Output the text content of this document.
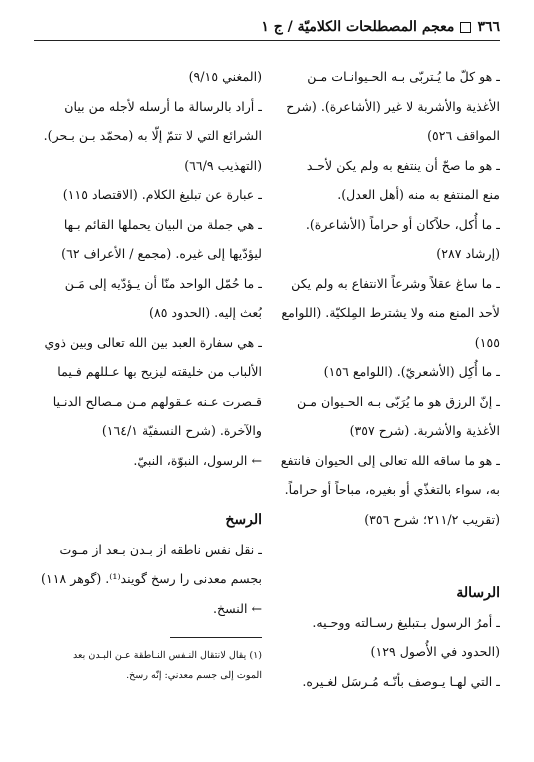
٣٦٦
معجم المصطلحات الكلاميّة / ج ١
ـ هو كلّ ما يُـتربّى بـه الحـيوانـات مـن
الأغذية والأشربة لا غير (الأشاعرة). (شرح
المواقف ٥٢٦)
ـ هو ما صحّ أن ينتفع به ولم يكن لأحـد
منع المنتفع به منه (أهل العدل).
ـ ما أُكل، حلاًكان أو حراماً (الأشاعرة).
(إرشاد ٢٨٧)
ـ ما ساغ عقلاً وشرعاً الانتفاع به ولم يكن
لأحد المنع منه ولا يشترط المِلكيّة. (اللوامع
١٥٥)
ـ ما أُكِل (الأشعريّ). (اللوامع ١٥٦)
ـ إنّ الرزق هو ما يُرَبّى بـه الحـيوان مـن
الأغذية والأشربة. (شرح ٣٥٧)
ـ هو ما ساقه الله تعالى إلى الحيوان فانتفع
به، سواء بالتغذّي أو بغيره، مباحاً أو حراماً.
(تقريب ٢١١/٢؛ شرح ٣٥٦)
الرسالة
ـ أمرُ الرسول بـتبليغ رسـالته ووحـيه.
(الحدود في الأُصول ١٢٩)
ـ التي لهـا يـوصف بأنّـه مُـرسَل لغـيره.
(المغني ٩/١٥)
ـ أراد بالرسالة ما أرسله لأجله من بيان
الشرائع التي لا تتمّ إلّا به (محمّد بـن بـحر).
(التهذيب ٦٦/٩)
ـ عبارة عن تبليغ الكلام. (الاقتصاد ١١٥)
ـ هي جملة من البيان يحملها القائم بـها
ليؤدّيها إلى غيره. (مجمع / الأعراف ٦٢)
ـ ما حُمّل الواحد منّا أن يـؤدّيه إلى مَـن
بُعث إليه. (الحدود ٨٥)
ـ هي سفارة العبد بين الله تعالى وبين ذوي
الألباب من خليقته ليزيح بها عـللهم فـيما
قـصرت عـنه عـقولهم مـن مـصالح الدنـيا
والآخرة. (شرح النسفيّة ١٦٤/١)
← الرسول، النبوّة، النبيّ.
الرسخ
ـ نقل نفس ناطقه از بـدن بـعد از مـوت
بجسم معدنى را رسخ گويند⁽¹⁾. (گوهر ١١٨)
← النسخ.
(١) يقال لانتقال النـفس النـاطقة عـن البـدن بعد
الموت إلى جسم معدني: إنّه رسخ.
